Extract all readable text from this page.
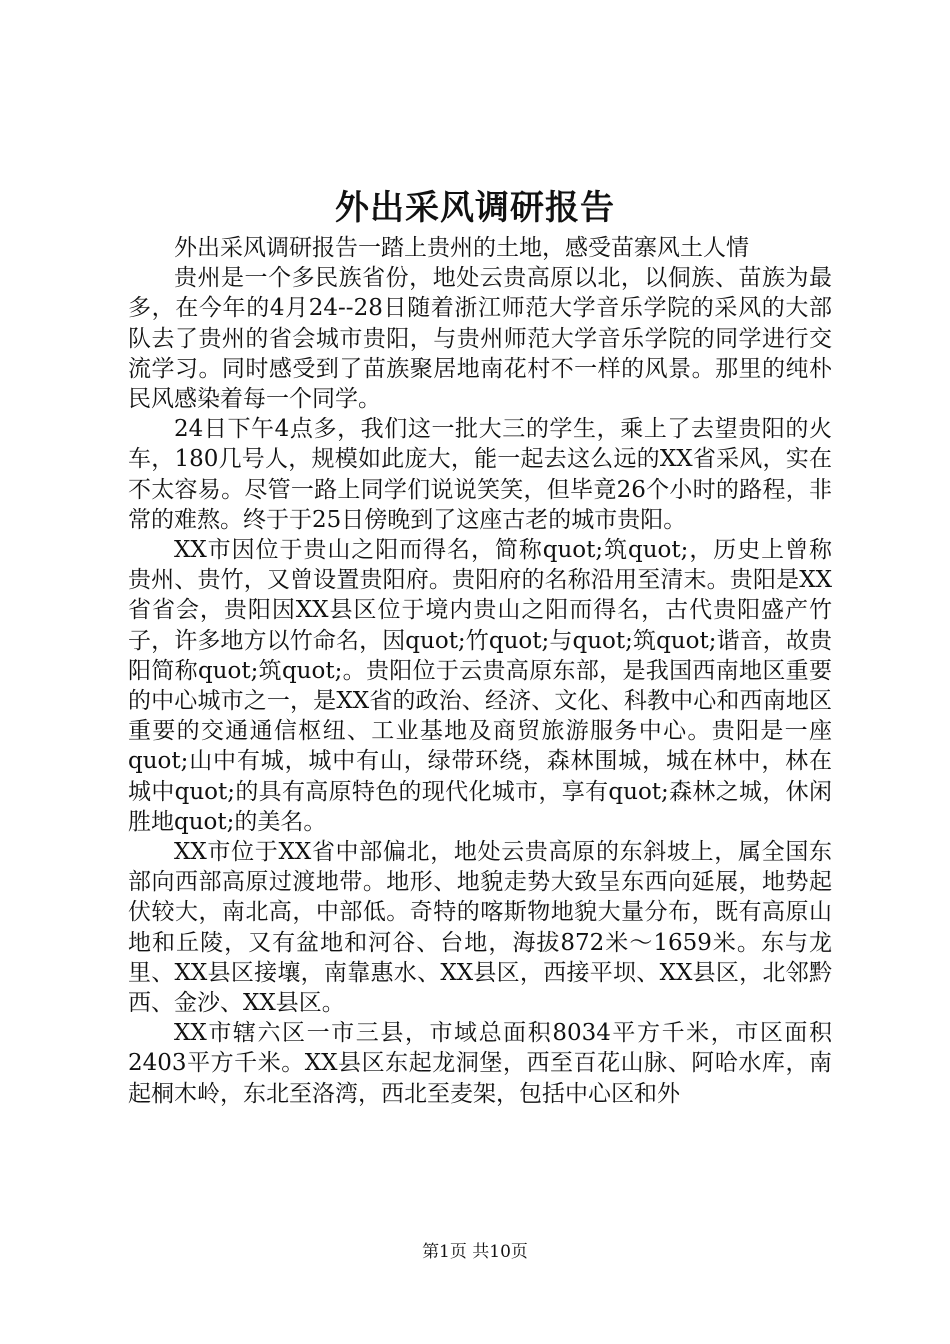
外出采风调研报告

外出采风调研报告一踏上贵州的土地，感受苗寨风土人情

贵州是一个多民族省份，地处云贵高原以北，以侗族、苗族为最多，在今年的4月24--28日随着浙江师范大学音乐学院的采风的大部队去了贵州的省会城市贵阳，与贵州师范大学音乐学院的同学进行交流学习。同时感受到了苗族聚居地南花村不一样的风景。那里的纯朴民风感染着每一个同学。

24日下午4点多，我们这一批大三的学生，乘上了去望贵阳的火车，180几号人，规模如此庞大，能一起去这么远的XX省采风，实在不太容易。尽管一路上同学们说说笑笑，但毕竟26个小时的路程，非常的难熬。终于于25日傍晚到了这座古老的城市贵阳。

XX市因位于贵山之阳而得名，简称quot;筑quot;，历史上曾称贵州、贵竹，又曾设置贵阳府。贵阳府的名称沿用至清末。贵阳是XX省省会，贵阳因XX县区位于境内贵山之阳而得名，古代贵阳盛产竹子，许多地方以竹命名，因quot;竹quot;与quot;筑quot;谐音，故贵阳简称quot;筑quot;。贵阳位于云贵高原东部，是我国西南地区重要的中心城市之一，是XX省的政治、经济、文化、科教中心和西南地区重要的交通通信枢纽、工业基地及商贸旅游服务中心。贵阳是一座quot;山中有城，城中有山，绿带环绕，森林围城，城在林中，林在城中quot;的具有高原特色的现代化城市，享有quot;森林之城，休闲胜地quot;的美名。

XX市位于XX省中部偏北，地处云贵高原的东斜坡上，属全国东部向西部高原过渡地带。地形、地貌走势大致呈东西向延展，地势起伏较大，南北高，中部低。奇特的喀斯物地貌大量分布，既有高原山地和丘陵，又有盆地和河谷、台地，海拔872米～1659米。东与龙里、XX县区接壤，南靠惠水、XX县区，西接平坝、XX县区，北邻黔西、金沙、XX县区。

XX市辖六区一市三县，市域总面积8034平方千米，市区面积2403平方千米。XX县区东起龙洞堡，西至百花山脉、阿哈水库，南起桐木岭，东北至洛湾，西北至麦架，包括中心区和外

第1页 共10页
